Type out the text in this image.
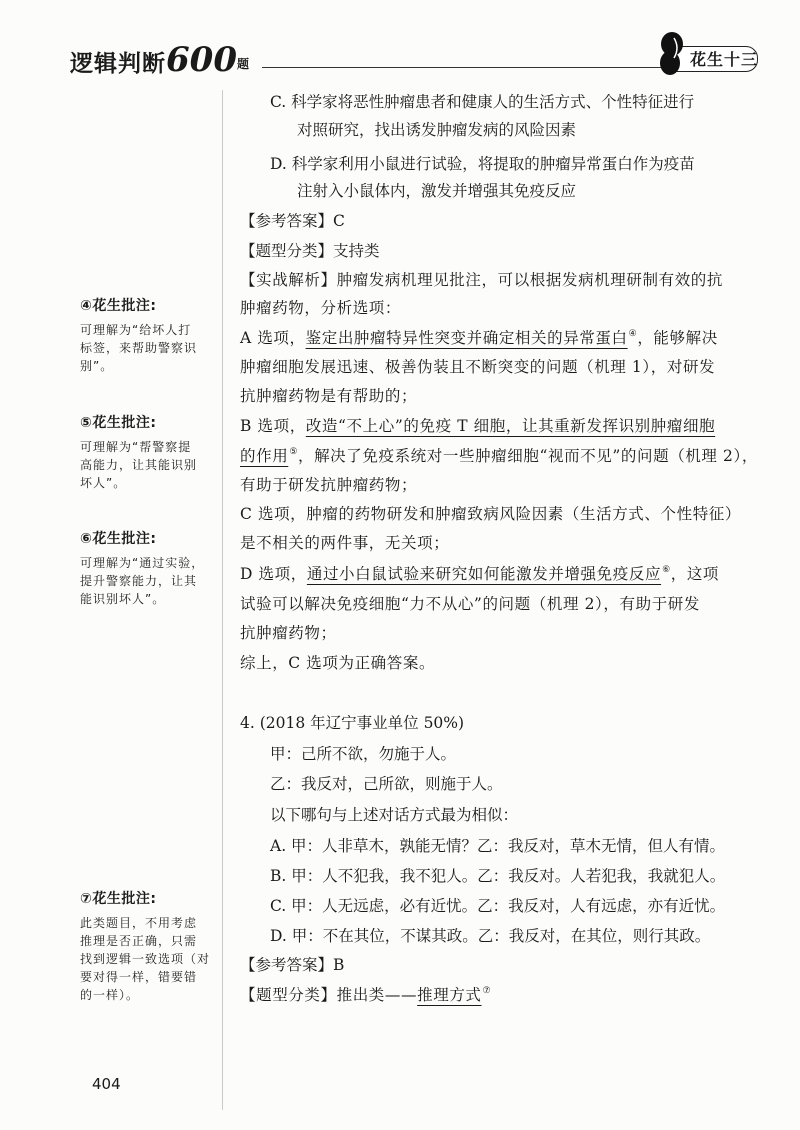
逻辑判断600题	花生十三
④花生批注:
可理解为“给坏人打
标签，来帮助警察识
别”。
⑤花生批注:
可理解为“帮警察提
高能力，让其能识别
坏人”。
⑥花生批注:
可理解为“通过实验，
提升警察能力，让其
能识别坏人”。
⑦花生批注:
此类题目，不用考虑
推理是否正确，只需
找到逻辑一致选项（对
要对得一样，错要错
的一样）。
C. 科学家将恶性肿瘤患者和健康人的生活方式、个性特征进行
对照研究，找出诱发肿瘤发病的风险因素
D. 科学家利用小鼠进行试验，将提取的肿瘤异常蛋白作为疫苗
注射入小鼠体内，激发并增强其免疫反应
【参考答案】C
【题型分类】支持类
【实战解析】肿瘤发病机理见批注，可以根据发病机理研制有效的抗
肿瘤药物，分析选项：
A 选项，鉴定出肿瘤特异性突变并确定相关的异常蛋白④，能够解决
肿瘤细胞发展迅速、极善伪装且不断突变的问题（机理 1），对研发
抗肿瘤药物是有帮助的；
B 选项，改造“不上心”的免疫 T 细胞，让其重新发挥识别肿瘤细胞
的作用⑤，解决了免疫系统对一些肿瘤细胞“视而不见”的问题（机理 2），
有助于研发抗肿瘤药物；
C 选项，肿瘤的药物研发和肿瘤致病风险因素（生活方式、个性特征）
是不相关的两件事，无关项；
D 选项，通过小白鼠试验来研究如何能激发并增强免疫反应⑥，这项
试验可以解决免疫细胞“力不从心”的问题（机理 2），有助于研发
抗肿瘤药物；
综上，C 选项为正确答案。
4. (2018 年辽宁事业单位 50%)
甲：己所不欲，勿施于人。
乙：我反对，己所欲，则施于人。
以下哪句与上述对话方式最为相似：
A. 甲：人非草木，孰能无情？乙：我反对，草木无情，但人有情。
B. 甲：人不犯我，我不犯人。乙：我反对。人若犯我，我就犯人。
C. 甲：人无远虑，必有近忧。乙：我反对，人有远虑，亦有近忧。
D. 甲：不在其位，不谋其政。乙：我反对，在其位，则行其政。
【参考答案】B
【题型分类】推出类——推理方式⑦
404
